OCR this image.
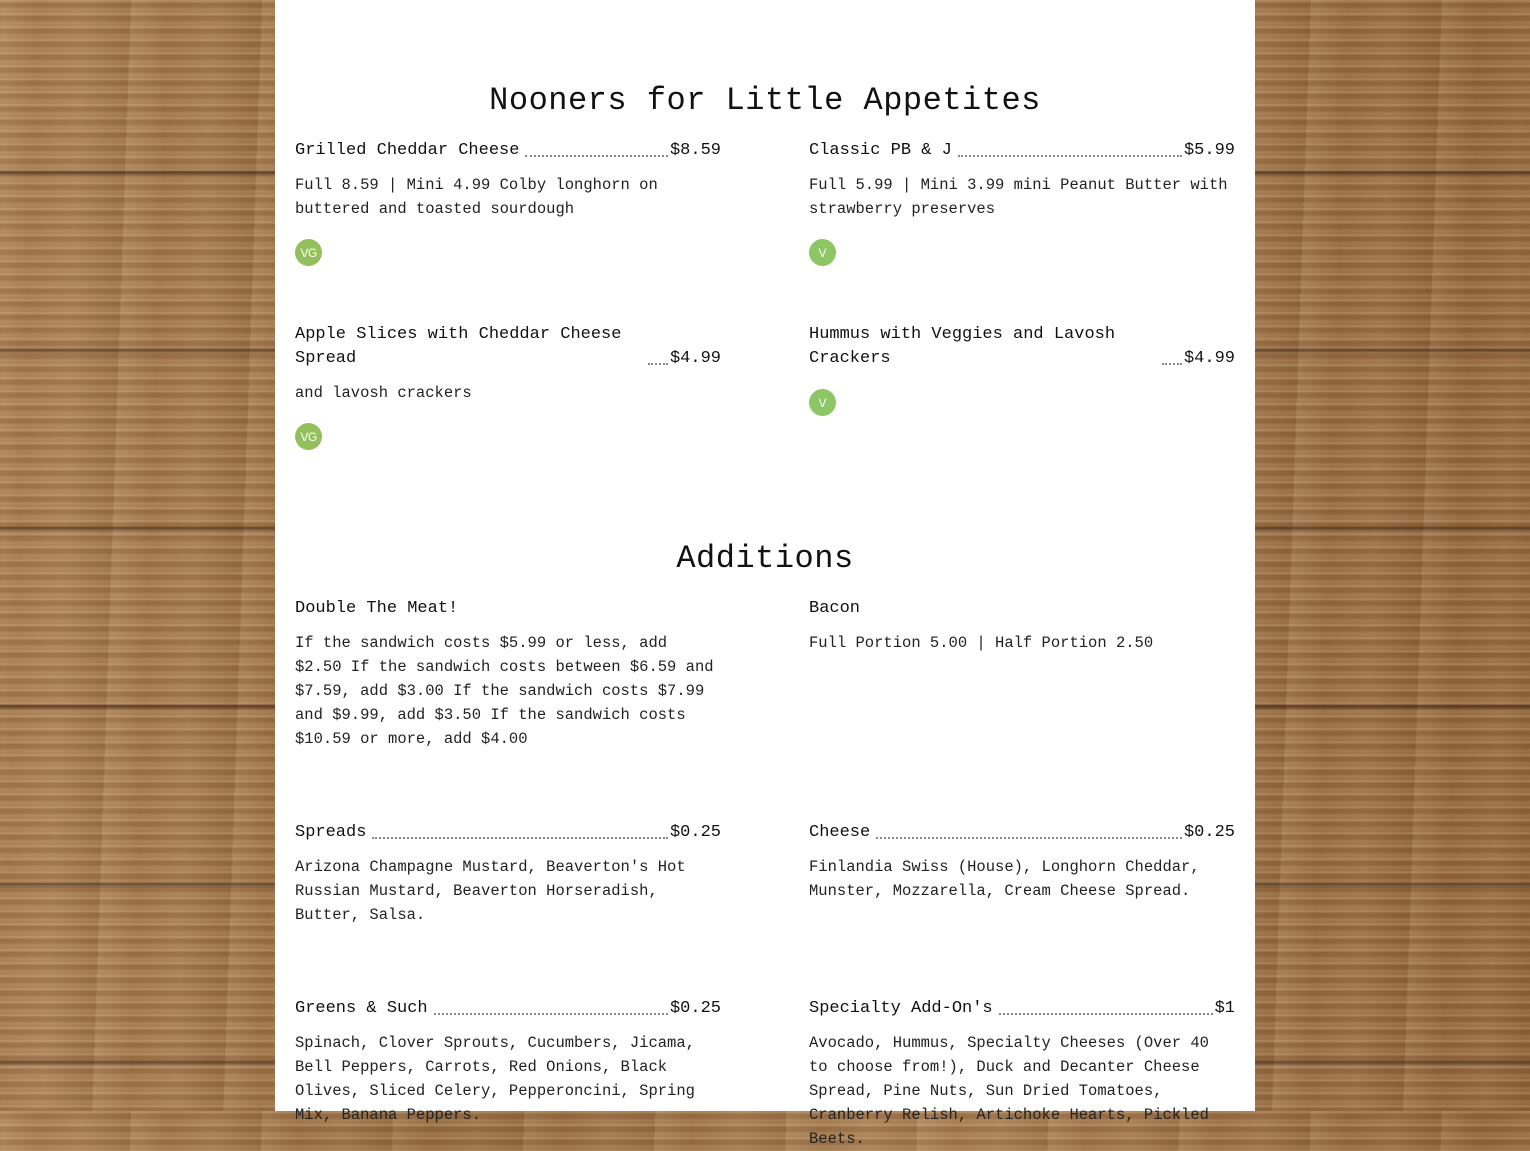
Nooners for Little Appetites
Grilled Cheddar Cheese	$8.59
Full 8.59 | Mini 4.99 Colby longhorn on buttered and toasted sourdough
VG
Classic PB & J	$5.99
Full 5.99 | Mini 3.99 mini Peanut Butter with strawberry preserves
V
Apple Slices with Cheddar Cheese Spread	$4.99
and lavosh crackers
VG
Hummus with Veggies and Lavosh Crackers	$4.99
V
Additions
Double The Meat!
If the sandwich costs $5.99 or less, add $2.50 If the sandwich costs between $6.59 and $7.59, add $3.00 If the sandwich costs $7.99 and $9.99, add $3.50 If the sandwich costs $10.59 or more, add $4.00
Bacon
Full Portion 5.00 | Half Portion 2.50
Spreads	$0.25
Arizona Champagne Mustard, Beaverton's Hot Russian Mustard, Beaverton Horseradish, Butter, Salsa.
Cheese	$0.25
Finlandia Swiss (House), Longhorn Cheddar, Munster, Mozzarella, Cream Cheese Spread.
Greens & Such	$0.25
Spinach, Clover Sprouts, Cucumbers, Jicama, Bell Peppers, Carrots, Red Onions, Black Olives, Sliced Celery, Pepperoncini, Spring Mix, Banana Peppers.
Specialty Add-On's	$1
Avocado, Hummus, Specialty Cheeses (Over 40 to choose from!), Duck and Decanter Cheese Spread, Pine Nuts, Sun Dried Tomatoes, Cranberry Relish, Artichoke Hearts, Pickled Beets.
